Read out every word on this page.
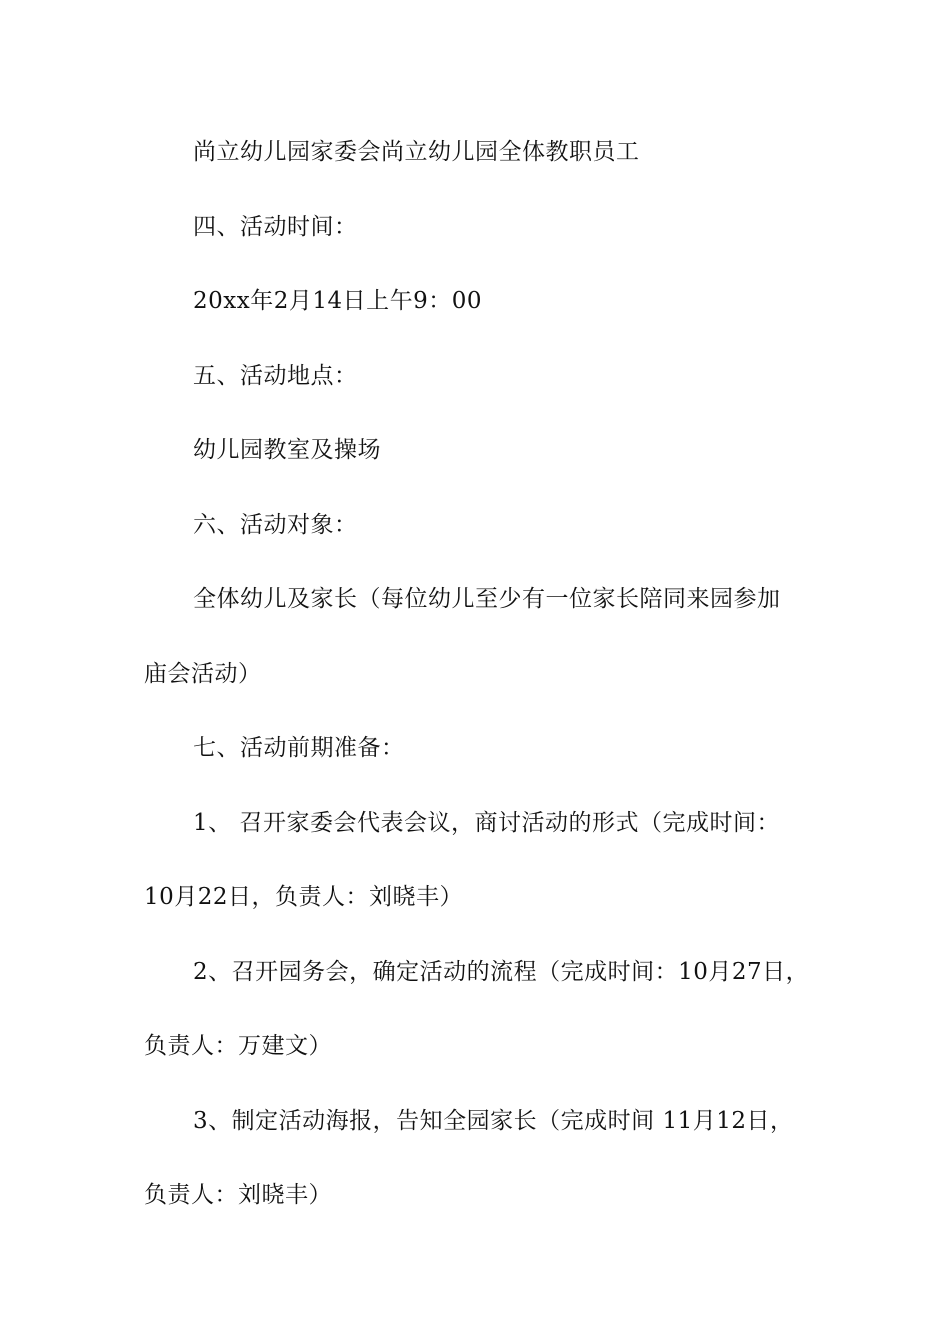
尚立幼儿园家委会尚立幼儿园全体教职员工
四、活动时间：
20xx年2月14日上午9：00
五、活动地点：
幼儿园教室及操场
六、活动对象：
全体幼儿及家长（每位幼儿至少有一位家长陪同来园参加
庙会活动）
七、活动前期准备：
1、 召开家委会代表会议，商讨活动的形式（完成时间：
10月22日，负责人：刘晓丰）
2、召开园务会，确定活动的流程（完成时间：10月27日，
负责人：万建文）
3、制定活动海报，告知全园家长（完成时间 11月12日，
负责人：刘晓丰）
